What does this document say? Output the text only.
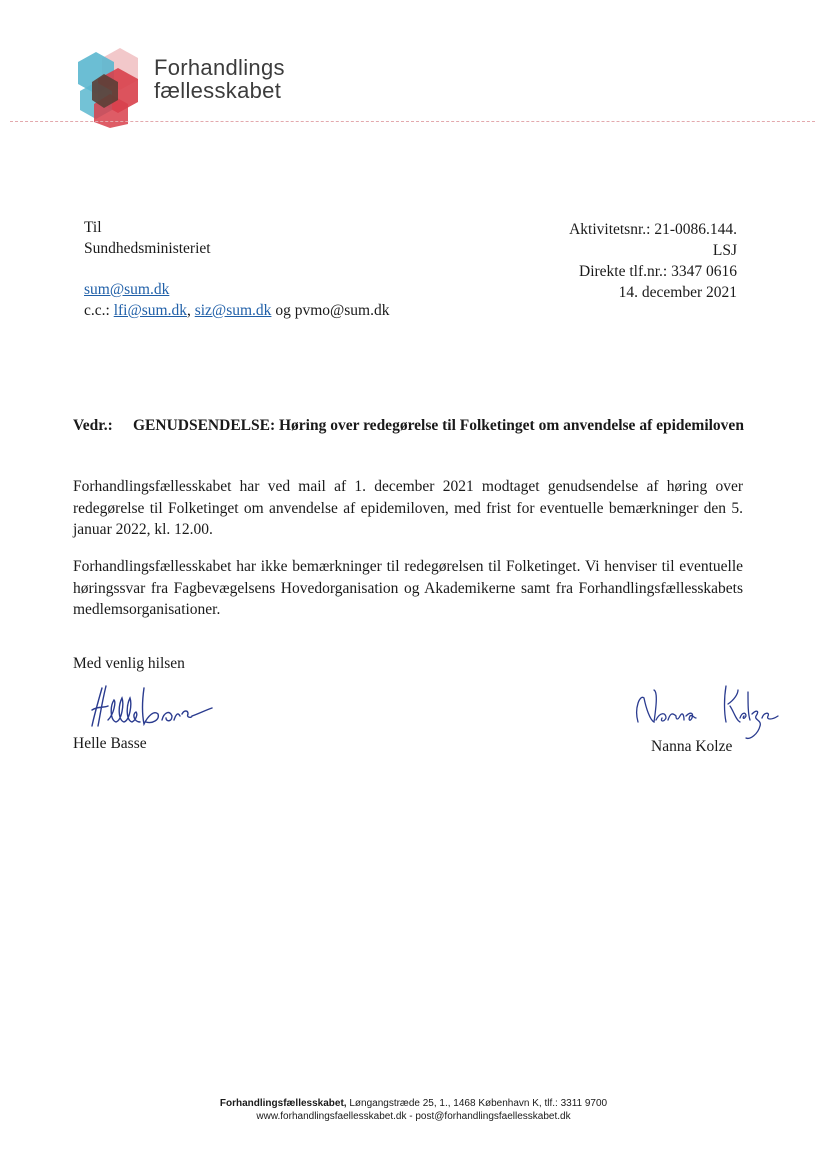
Forhandlings
fællesskabet
Til
Sundhedsministeriet
sum@sum.dk
c.c.: lfi@sum.dk, siz@sum.dk og pvmo@sum.dk
Aktivitetsnr.: 21-0086.144.
LSJ
Direkte tlf.nr.: 3347 0616
14. december 2021
Vedr.: GENUDSENDELSE: Høring over redegørelse til Folketinget om anvendelse af epidemiloven
Forhandlingsfællesskabet har ved mail af 1. december 2021 modtaget genudsendelse af høring over redegørelse til Folketinget om anvendelse af epidemiloven, med frist for eventuelle bemærkninger den 5. januar 2022, kl. 12.00.
Forhandlingsfællesskabet har ikke bemærkninger til redegørelsen til Folketinget. Vi henviser til eventuelle høringssvar fra Fagbevægelsens Hovedorganisation og Akademikerne samt fra Forhandlingsfællesskabets medlemsorganisationer.
Med venlig hilsen
Helle Basse	Nanna Kolze
Forhandlingsfællesskabet, Løngangstræde 25, 1., 1468 København K, tlf.: 3311 9700
www.forhandlingsfaellesskabet.dk - post@forhandlingsfaellesskabet.dk
